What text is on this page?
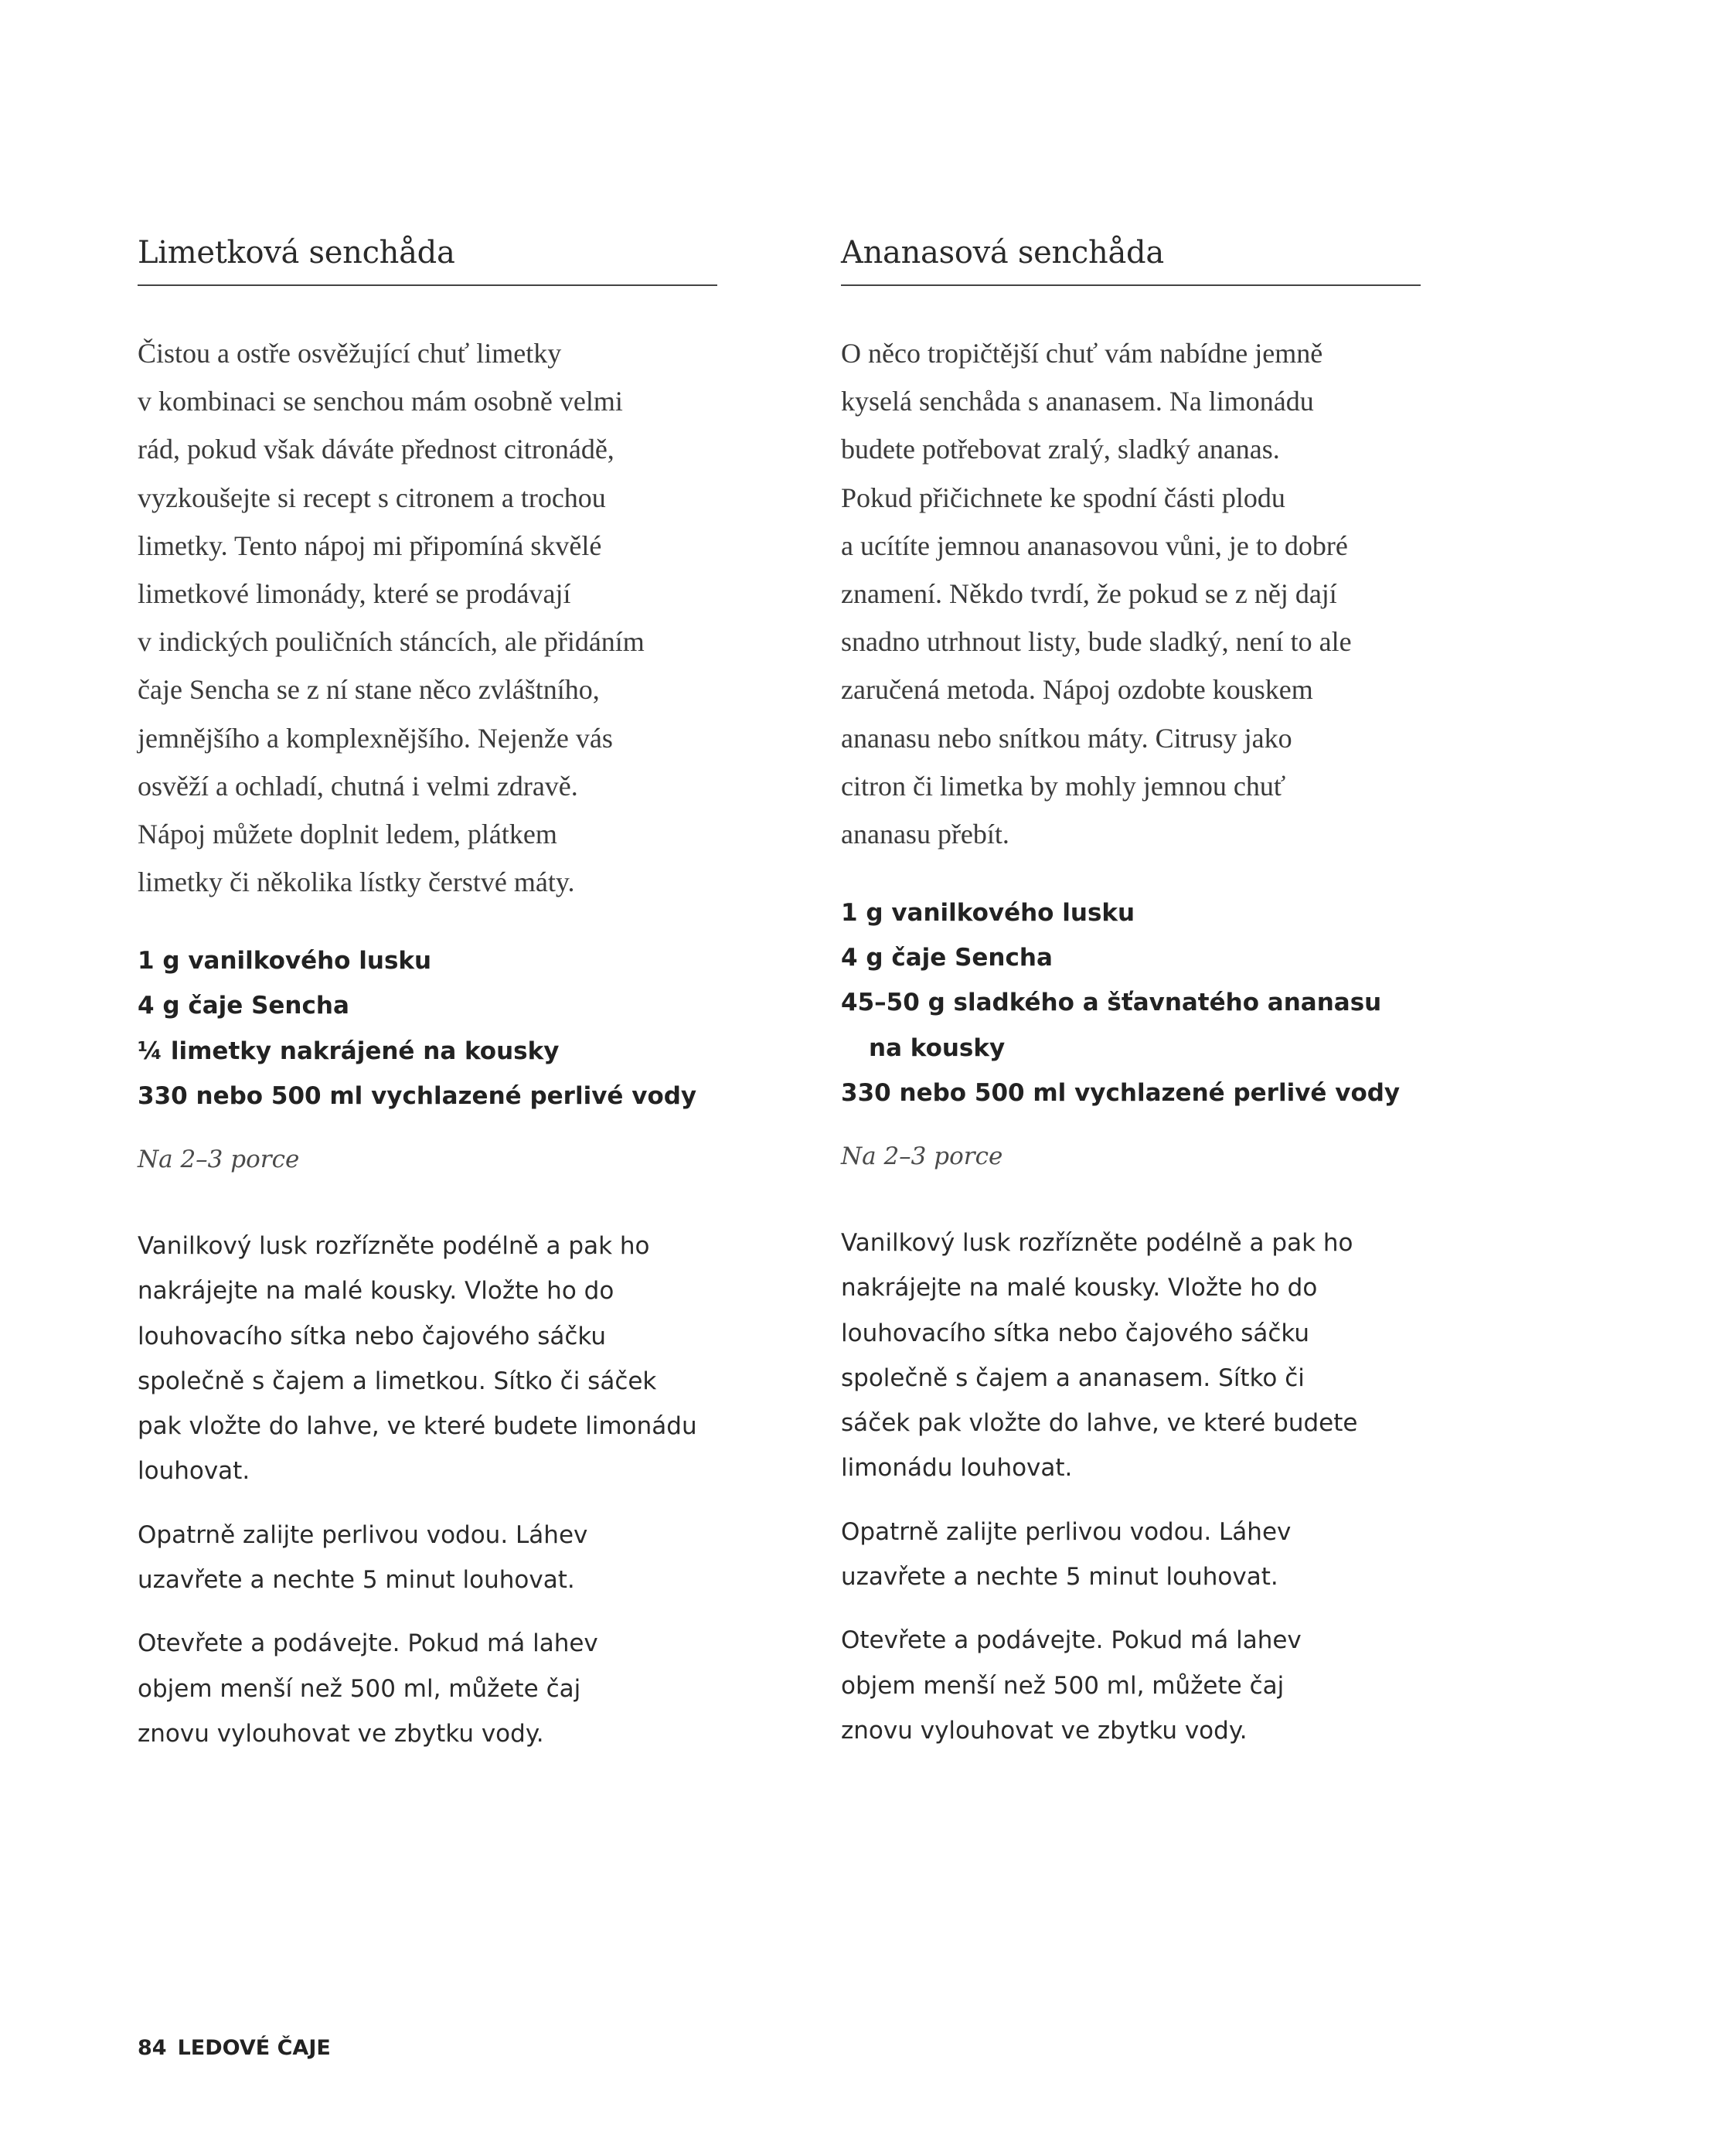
Limetková senchåda
Čistou a ostře osvěžující chuť limetky
v kombinaci se senchou mám osobně velmi
rád, pokud však dáváte přednost citronádě,
vyzkoušejte si recept s citronem a trochou
limetky. Tento nápoj mi připomíná skvělé
limetkové limonády, které se prodávají
v indických pouličních stáncích, ale přidáním
čaje Sencha se z ní stane něco zvláštního,
jemnějšího a komplexnějšího. Nejenže vás
osvěží a ochladí, chutná i velmi zdravě.
Nápoj můžete doplnit ledem, plátkem
limetky či několika lístky čerstvé máty.
1 g vanilkového lusku
4 g čaje Sencha
¼ limetky nakrájené na kousky
330 nebo 500 ml vychlazené perlivé vody
Na 2–3 porce
Vanilkový lusk rozřízněte podélně a pak ho
nakrájejte na malé kousky. Vložte ho do
louhovacího sítka nebo čajového sáčku
společně s čajem a limetkou. Sítko či sáček
pak vložte do lahve, ve které budete limonádu
louhovat.
Opatrně zalijte perlivou vodou. Láhev
uzavřete a nechte 5 minut louhovat.
Otevřete a podávejte. Pokud má lahev
objem menší než 500 ml, můžete čaj
znovu vylouhovat ve zbytku vody.
Ananasová senchåda
O něco tropičtější chuť vám nabídne jemně
kyselá senchåda s ananasem. Na limonádu
budete potřebovat zralý, sladký ananas.
Pokud přičichnete ke spodní části plodu
a ucítíte jemnou ananasovou vůni, je to dobré
znamení. Někdo tvrdí, že pokud se z něj dají
snadno utrhnout listy, bude sladký, není to ale
zaručená metoda. Nápoj ozdobte kouskem
ananasu nebo snítkou máty. Citrusy jako
citron či limetka by mohly jemnou chuť
ananasu přebít.
1 g vanilkového lusku
4 g čaje Sencha
45–50 g sladkého a šťavnatého ananasu
na kousky
330 nebo 500 ml vychlazené perlivé vody
Na 2–3 porce
Vanilkový lusk rozřízněte podélně a pak ho
nakrájejte na malé kousky. Vložte ho do
louhovacího sítka nebo čajového sáčku
společně s čajem a ananasem. Sítko či
sáček pak vložte do lahve, ve které budete
limonádu louhovat.
Opatrně zalijte perlivou vodou. Láhev
uzavřete a nechte 5 minut louhovat.
Otevřete a podávejte. Pokud má lahev
objem menší než 500 ml, můžete čaj
znovu vylouhovat ve zbytku vody.
84 LEDOVÉ ČAJE
